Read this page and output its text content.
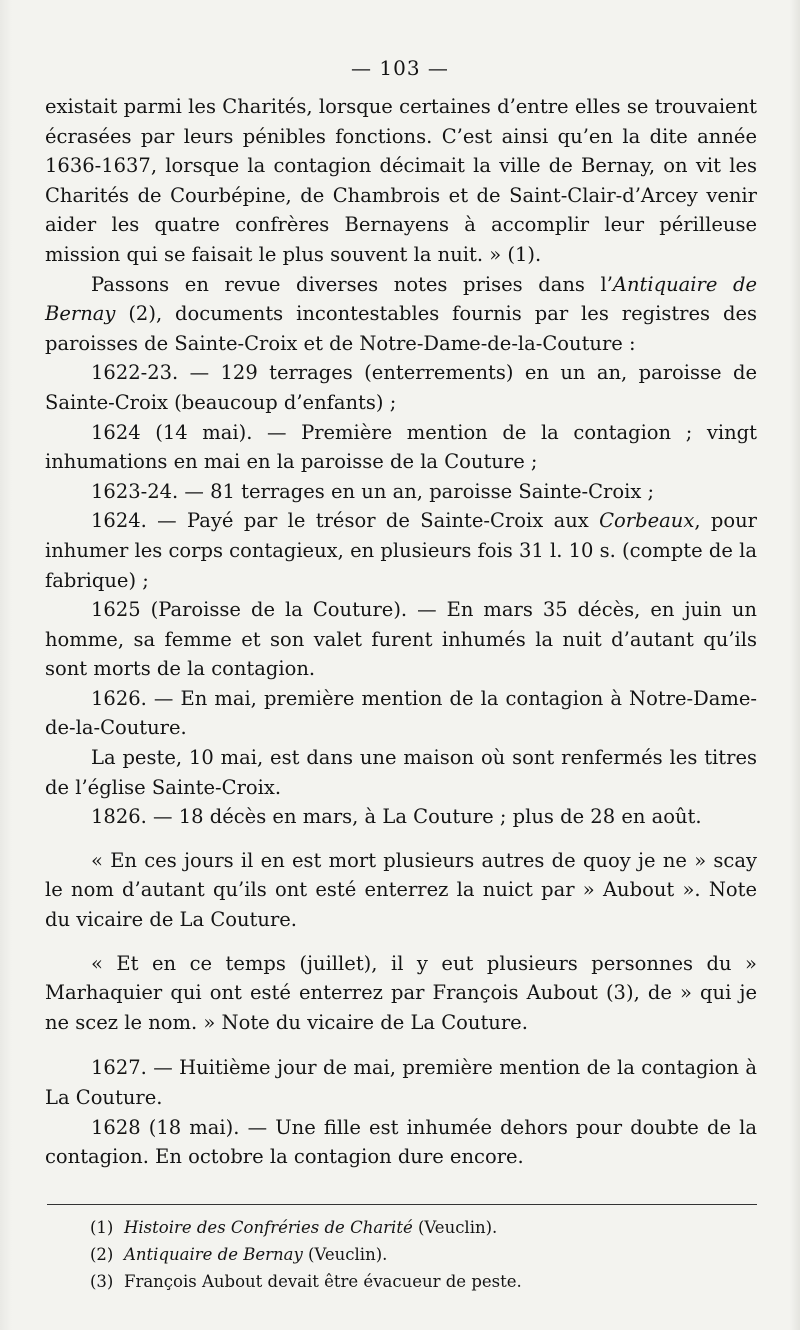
— 103 —

existait parmi les Charités, lorsque certaines d’entre elles se trouvaient écrasées par leurs pénibles fonctions. C’est ainsi qu’en la dite année 1636-1637, lorsque la contagion décimait la ville de Bernay, on vit les Charités de Courbépine, de Chambrois et de Saint-Clair-d’Arcey venir aider les quatre confrères Bernayens à accomplir leur périlleuse mission qui se faisait le plus souvent la nuit. » (1).

Passons en revue diverses notes prises dans l’Antiquaire de Bernay (2), documents incontestables fournis par les registres des paroisses de Sainte-Croix et de Notre-Dame-de-la-Couture :

1622-23. — 129 terrages (enterrements) en un an, paroisse de Sainte-Croix (beaucoup d’enfants) ;

1624 (14 mai). — Première mention de la contagion ; vingt inhumations en mai en la paroisse de la Couture ;

1623-24. — 81 terrages en un an, paroisse Sainte-Croix ;

1624. — Payé par le trésor de Sainte-Croix aux Corbeaux, pour inhumer les corps contagieux, en plusieurs fois 31 l. 10 s. (compte de la fabrique) ;

1625 (Paroisse de la Couture). — En mars 35 décès, en juin un homme, sa femme et son valet furent inhumés la nuit d’autant qu’ils sont morts de la contagion.

1626. — En mai, première mention de la contagion à Notre-Dame-de-la-Couture.

La peste, 10 mai, est dans une maison où sont renfermés les titres de l’église Sainte-Croix.

1826. — 18 décès en mars, à La Couture ; plus de 28 en août.

« En ces jours il en est mort plusieurs autres de quoy je ne » scay le nom d’autant qu’ils ont esté enterrez la nuict par » Aubout ». Note du vicaire de La Couture.

« Et en ce temps (juillet), il y eut plusieurs personnes du » Marhaquier qui ont esté enterrez par François Aubout (3), de » qui je ne scez le nom. » Note du vicaire de La Couture.

1627. — Huitième jour de mai, première mention de la contagion à La Couture.

1628 (18 mai). — Une fille est inhumée dehors pour doubte de la contagion. En octobre la contagion dure encore.

(1) Histoire des Confréries de Charité (Veuclin).

(2) Antiquaire de Bernay (Veuclin).

(3) François Aubout devait être évacueur de peste.
